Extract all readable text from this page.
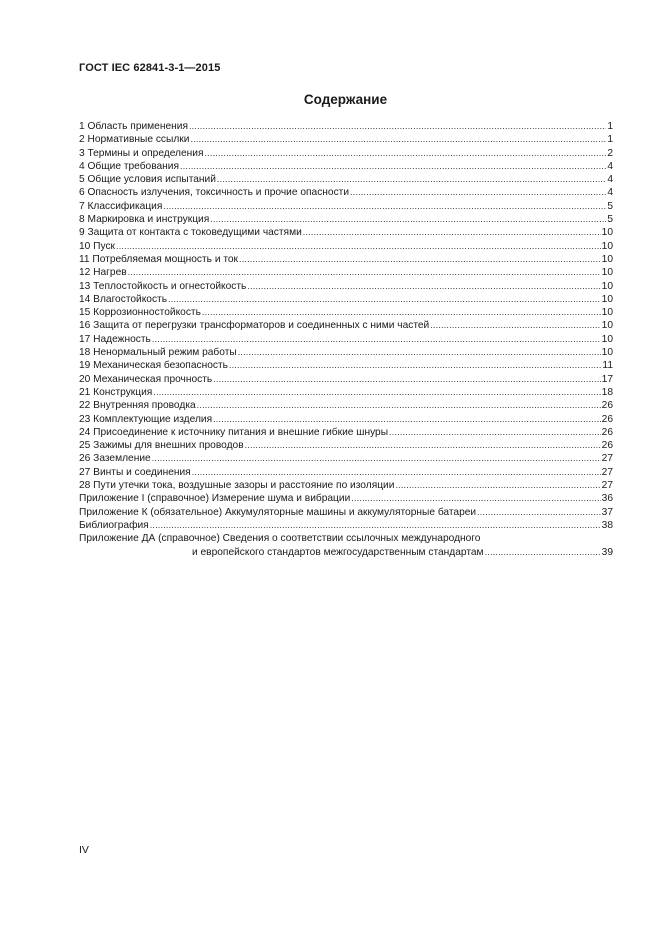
ГОСТ IEC 62841-3-1—2015
Содержание
1 Область применения .....	1
2 Нормативные ссылки .....	1
3 Термины и определения .....	2
4 Общие требования .....	4
5 Общие условия испытаний .....	4
6 Опасность излучения, токсичность и прочие опасности .....	4
7 Классификация .....	5
8 Маркировка и инструкция .....	5
9 Защита от контакта с токоведущими частями .....	10
10 Пуск .....	10
11 Потребляемая мощность и ток .....	10
12 Нагрев .....	10
13 Теплостойкость и огнестойкость .....	10
14 Влагостойкость .....	10
15 Коррозионностойкость .....	10
16 Защита от перегрузки трансформаторов и соединенных с ними частей .....	10
17 Надежность .....	10
18 Ненормальный режим работы .....	10
19 Механическая безопасность .....	11
20 Механическая прочность .....	17
21 Конструкция .....	18
22 Внутренняя проводка .....	26
23 Комплектующие изделия .....	26
24 Присоединение к источнику питания и внешние гибкие шнуры .....	26
25 Зажимы для внешних проводов .....	26
26 Заземление .....	27
27 Винты и соединения .....	27
28 Пути утечки тока, воздушные зазоры и расстояние по изоляции .....	27
Приложение I (справочное) Измерение шума и вибрации .....	36
Приложение К (обязательное) Аккумуляторные машины и аккумуляторные батареи .....	37
Библиография .....	38
Приложение ДА (справочное) Сведения о соответствии ссылочных международного
и европейского стандартов межгосударственным стандартам .....	39
IV
